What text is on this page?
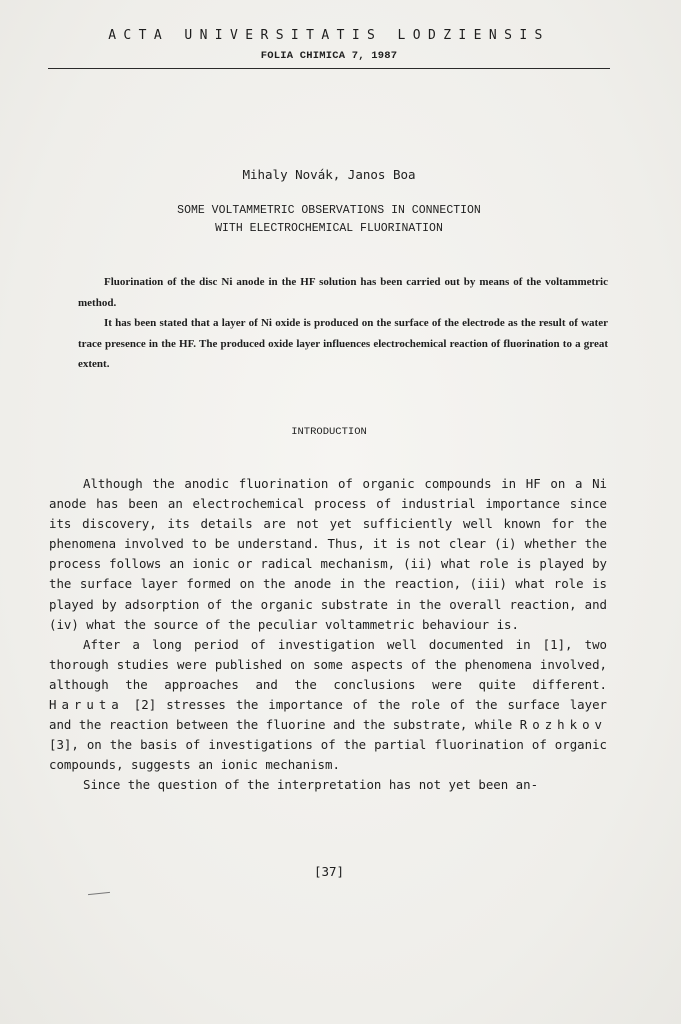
ACTA UNIVERSITATIS LODZIENSIS
FOLIA CHIMICA 7, 1987
Mihaly Novák, Janos Boa
SOME VOLTAMMETRIC OBSERVATIONS IN CONNECTION
WITH ELECTROCHEMICAL FLUORINATION

Fluorination of the disc Ni anode in the HF solution has been carried out by means of the voltammetric method.

It has been stated that a layer of Ni oxide is produced on the surface of the electrode as the result of water trace presence in the HF. The produced oxide layer influences electrochemical reaction of fluorination to a great extent.

INTRODUCTION

Although the anodic fluorination of organic compounds in HF on a Ni anode has been an electrochemical process of industrial importance since its discovery, its details are not yet sufficiently well known for the phenomena involved to be understand. Thus, it is not clear (i) whether the process follows an ionic or radical mechanism, (ii) what role is played by the surface layer formed on the anode in the reaction, (iii) what role is played by adsorption of the organic substrate in the overall reaction, and (iv) what the source of the peculiar voltammetric behaviour is.

After a long period of investigation well documented in [1], two thorough studies were published on some aspects of the phenomena involved, although the approaches and the conclusions were quite different. Haruta [2] stresses the importance of the role of the surface layer and the reaction between the fluorine and the substrate, while Rozhkov [3], on the basis of investigations of the partial fluorination of organic compounds, suggests an ionic mechanism.

Since the question of the interpretation has not yet been an-

[37]
